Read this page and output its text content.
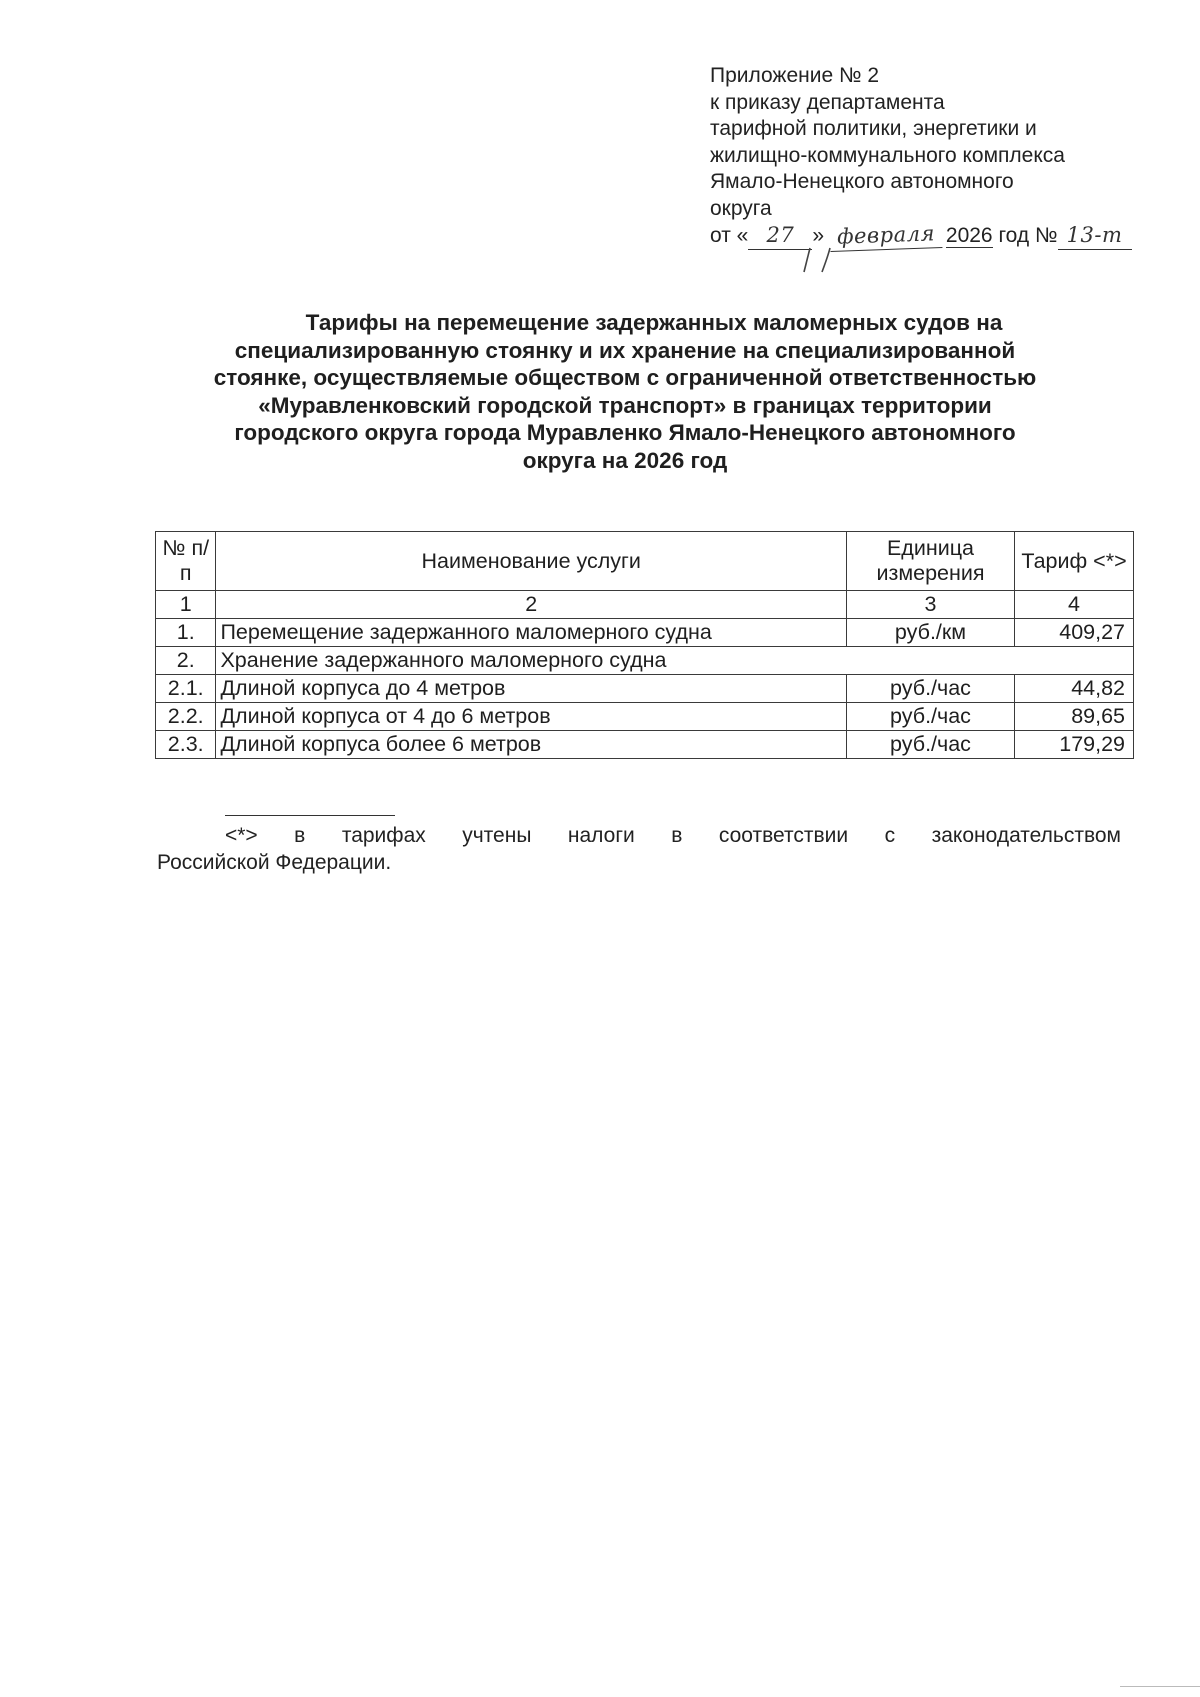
Приложение № 2
к приказу департамента
тарифной политики, энергетики и
жилищно-коммунального комплекса
Ямало-Ненецкого автономного
округа
от « 27 » февраля 2026 год № 13-т
Тарифы на перемещение задержанных маломерных судов на
специализированную стоянку и их хранение на специализированной
стоянке, осуществляемые обществом с ограниченной ответственностью
«Муравленковский городской транспорт» в границах территории
городского округа города Муравленко Ямало-Ненецкого автономного
округа на 2026 год
№ п/п	Наименование услуги	Единица измерения	Тариф <*>
1	2	3	4
1.	Перемещение задержанного маломерного судна	руб./км	409,27
2.	Хранение задержанного маломерного судна		
2.1.	Длиной корпуса до 4 метров	руб./час	44,82
2.2.	Длиной корпуса от 4 до 6 метров	руб./час	89,65
2.3.	Длиной корпуса более 6 метров	руб./час	179,29
<*> в тарифах учтены налоги в соответствии с законодательством
Российской Федерации.
